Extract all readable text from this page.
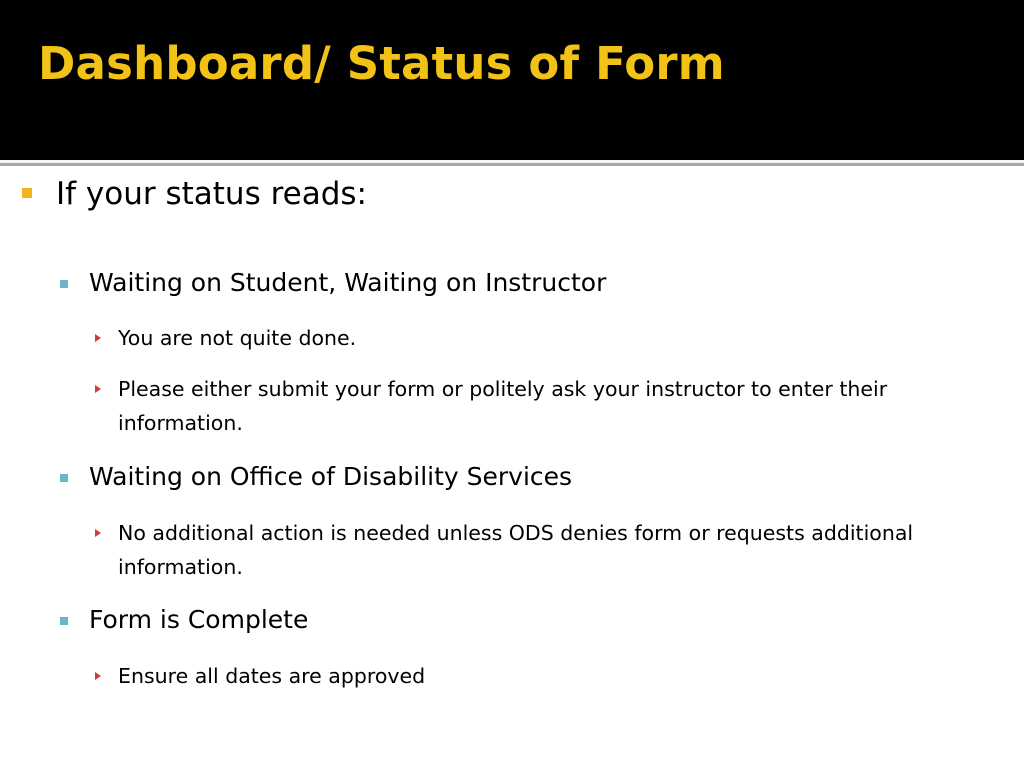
Dashboard/ Status of Form
If your status reads:
Waiting on Student, Waiting on Instructor
You are not quite done.
Please either submit your form or politely ask your instructor to enter their information.
No additional action is needed unless ODS denies form or requests additional information.
Waiting on Office of Disability Services
Form is Complete
Ensure all dates are approved
